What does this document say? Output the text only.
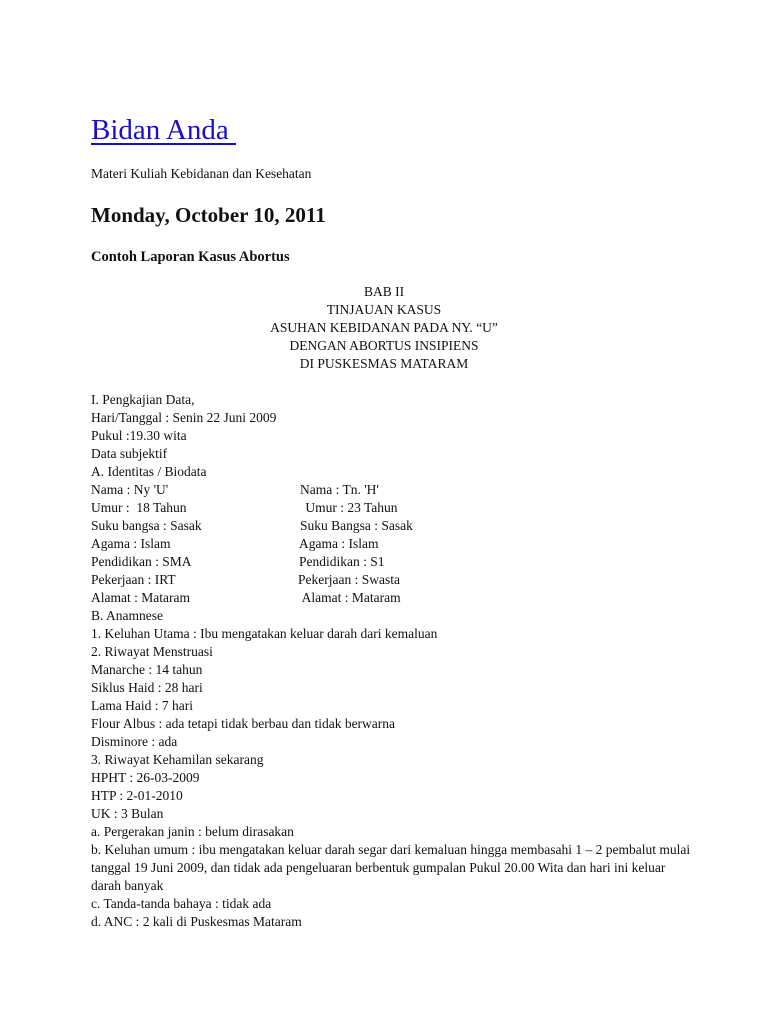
Bidan Anda
Materi Kuliah Kebidanan dan Kesehatan
Monday, October 10, 2011
Contoh Laporan Kasus Abortus
BAB II
TINJAUAN KASUS
ASUHAN KEBIDANAN PADA NY. “U”
DENGAN ABORTUS INSIPIENS
DI PUSKESMAS MATARAM
I. Pengkajian Data,
Hari/Tanggal : Senin 22 Juni 2009
Pukul :19.30 wita
Data subjektif
A. Identitas / Biodata
Nama : Ny 'U'	Nama : Tn. 'H'
Umur :  18 Tahun	Umur : 23 Tahun
Suku bangsa : Sasak	Suku Bangsa : Sasak
Agama : Islam	Agama : Islam
Pendidikan : SMA	Pendidikan : S1
Pekerjaan : IRT	Pekerjaan : Swasta
Alamat : Mataram	Alamat : Mataram
B. Anamnese
1. Keluhan Utama : Ibu mengatakan keluar darah dari kemaluan
2. Riwayat Menstruasi
Manarche : 14 tahun
Siklus Haid : 28 hari
Lama Haid : 7 hari
Flour Albus : ada tetapi tidak berbau dan tidak berwarna
Disminore : ada
3. Riwayat Kehamilan sekarang
HPHT : 26-03-2009
HTP : 2-01-2010
UK : 3 Bulan
a. Pergerakan janin : belum dirasakan
b. Keluhan umum : ibu mengatakan keluar darah segar dari kemaluan hingga membasahi 1 – 2 pembalut mulai tanggal 19 Juni 2009, dan tidak ada pengeluaran berbentuk gumpalan Pukul 20.00 Wita dan hari ini keluar darah banyak
c. Tanda-tanda bahaya : tidak ada
d. ANC : 2 kali di Puskesmas Mataram
